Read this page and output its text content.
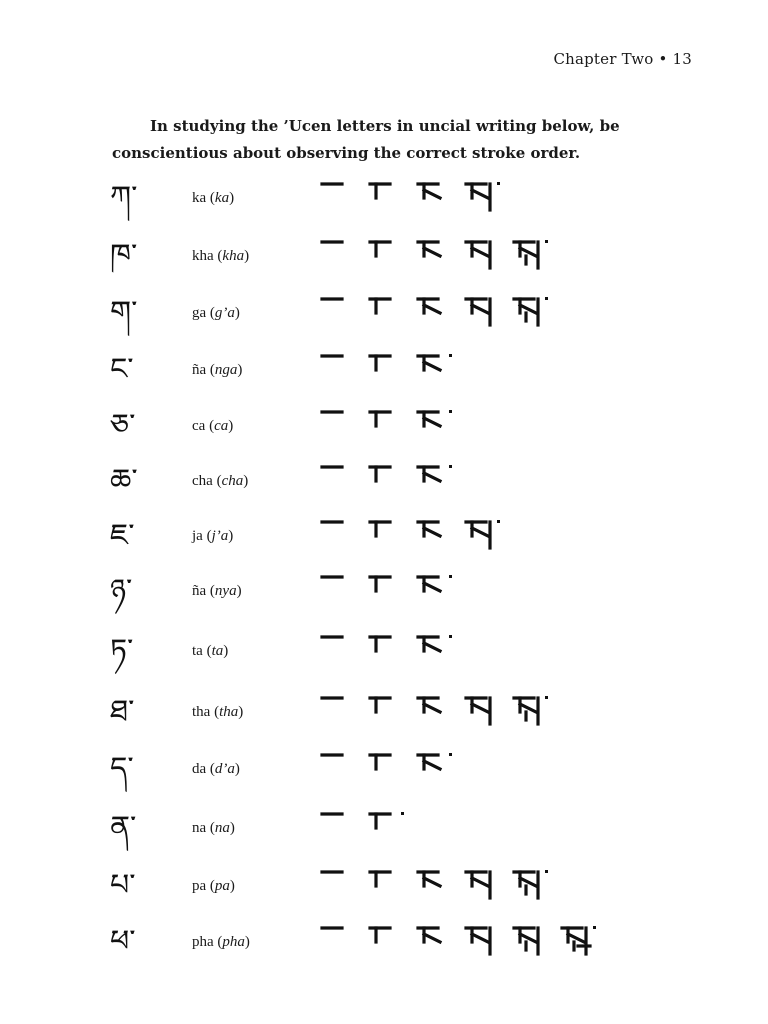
Chapter Two • 13

In studying the ’Ucen letters in uncial writing below, be conscientious about observing the correct stroke order.

ཀ་	ka (ka)
ཁ་	kha (kha)
ག་	ga (g’a)
ང་	ña (nga)
ཅ་	ca (ca)
ཆ་	cha (cha)
ཇ་	ja (j’a)
ཉ་	ña (nya)
ཏ་	ta (ta)
ཐ་	tha (tha)
ད་	da (d’a)
ན་	na (na)
པ་	pa (pa)
ཕ་	pha (pha)
